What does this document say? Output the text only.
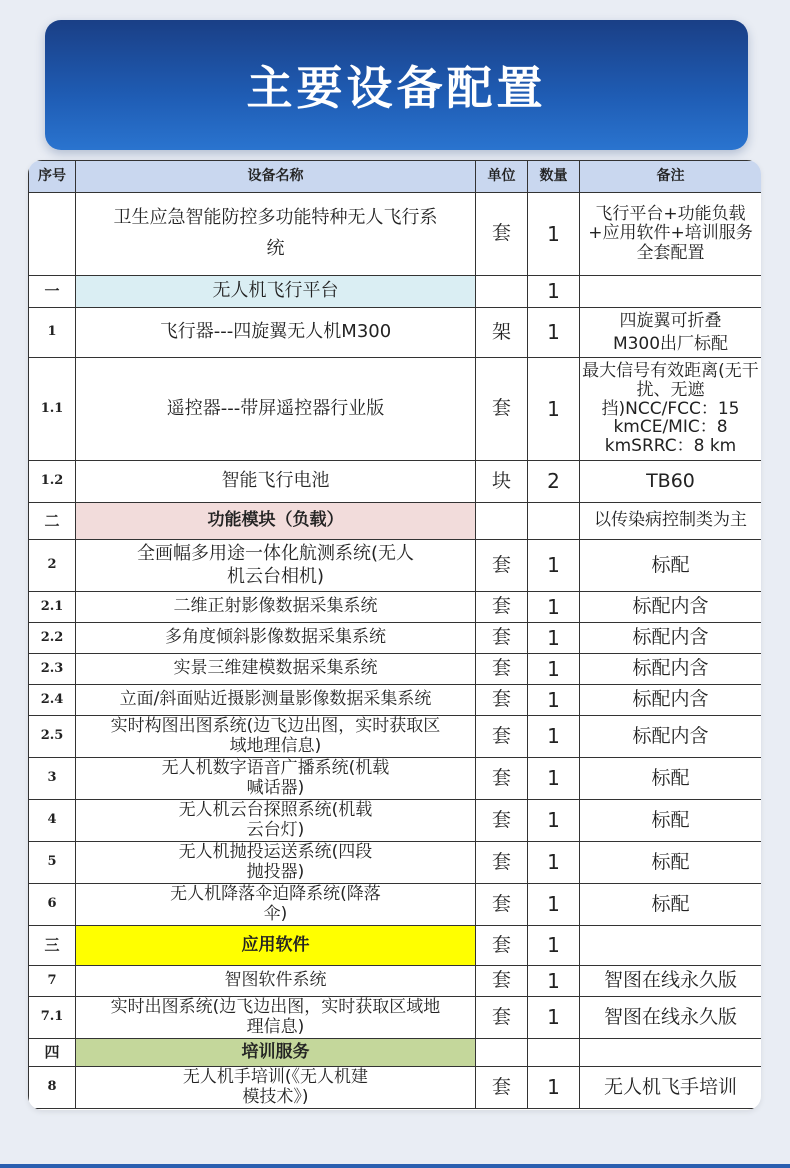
主要设备配置
序号	设备名称	单位	数量	备注
	卫生应急智能防控多功能特种无人飞行系统	套	1	飞行平台+功能负载+应用软件+培训服务全套配置
一	无人机飞行平台		1	
1	飞行器---四旋翼无人机M300	架	1	四旋翼可折叠M300出厂标配
1.1	遥控器---带屏遥控器行业版	套	1	最大信号有效距离(无干扰、无遮挡)NCC/FCC：15 kmCE/MIC：8 kmSRRC：8 km
1.2	智能飞行电池	块	2	TB60
二	功能模块（负载）			以传染病控制类为主
2	全画幅多用途一体化航测系统(无人机云台相机)	套	1	标配
2.1	二维正射影像数据采集系统	套	1	标配内含
2.2	多角度倾斜影像数据采集系统	套	1	标配内含
2.3	实景三维建模数据采集系统	套	1	标配内含
2.4	立面/斜面贴近摄影测量影像数据采集系统	套	1	标配内含
2.5	实时构图出图系统(边飞边出图，实时获取区域地理信息)	套	1	标配内含
3	无人机数字语音广播系统(机载喊话器)	套	1	标配
4	无人机云台探照系统(机载云台灯)	套	1	标配
5	无人机抛投运送系统(四段抛投器)	套	1	标配
6	无人机降落伞迫降系统(降落伞)	套	1	标配
三	应用软件	套	1	
7	智图软件系统	套	1	智图在线永久版
7.1	实时出图系统(边飞边出图，实时获取区域地理信息)	套	1	智图在线永久版
四	培训服务			
8	无人机手培训(《无人机建模技术》)	套	1	无人机飞手培训
